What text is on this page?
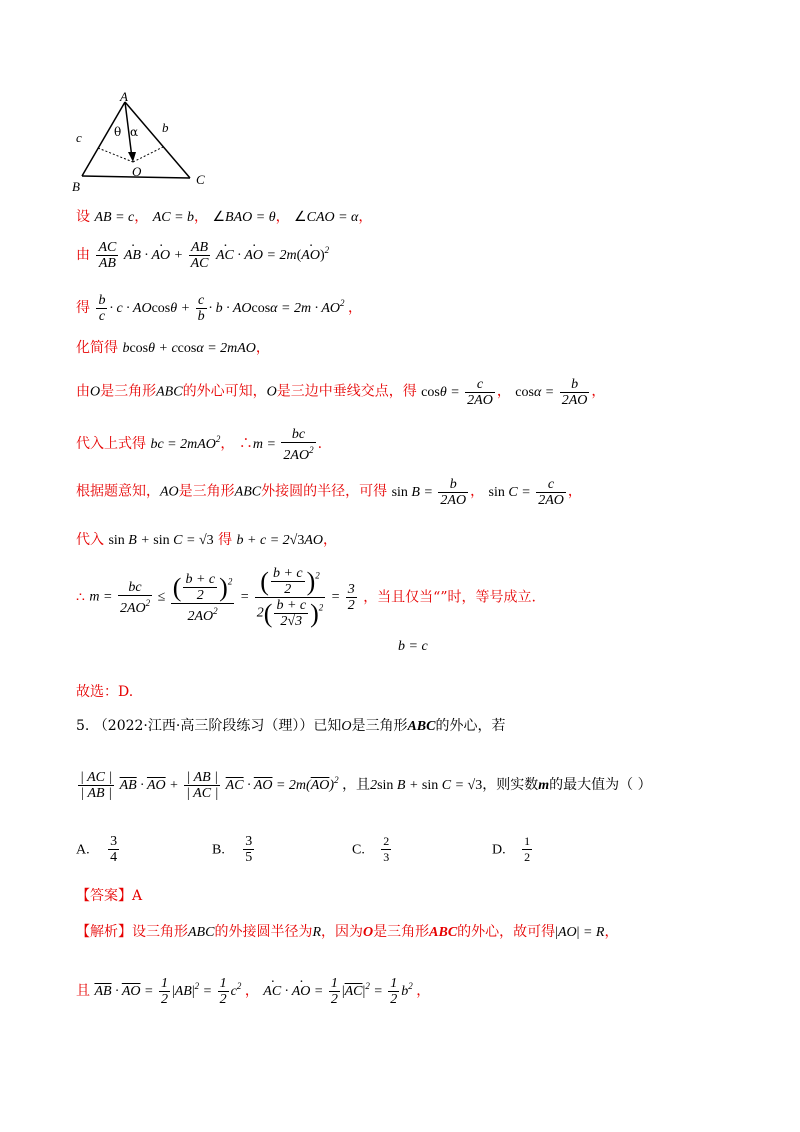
A
B	C
O
c
b
θ α
设 AB = c， AC = b， ∠BAO = θ， ∠CAO = α，
由 $\frac{AC}{AB}$ · AB · · AO + $\frac{AB}{AC}$ · AC · · AO = 2m(· AO)$^2$
得 $\frac{b}{c} \cdot c \cdot AOcos\theta + \frac{c}{b} \cdot b \cdot AOcos\alpha = 2m \cdot AO^2$ ，
化简得 bcosθ + ccosα = 2mAO，
由O是三角形ABC的外心可知，O是三边中垂线交点，得 $\cos\theta = \frac{c}{2AO}$ ， $\cos\alpha = \frac{b}{2AO}$ ，
代入上式得 bc = 2mAO$^2$， ∴m = $\frac{bc}{2AO^2}$ .
根据题意知，AO是三角形ABC外接圆的半径，可得 $\sin B = \frac{b}{2AO}$ ， $\sin C = \frac{c}{2AO}$ ，
代入 sin B + sin C = √3 得 b + c = 2√3AO，
∴ $m = \frac{bc}{2AO^2} \le \frac{( \frac{b + c}{2} )^2}{2AO^2} = \frac{( \frac{b + c}{2} )^2}{2( \frac{b + c}{2√3} )^2} = \frac{3}{2}$ ，当且仅当“”时，等号成立.
b = c
故选：D.
5. （2022·江西·高三阶段练习（理））已知O是三角形ABC的外心，若
$\frac{| AC |}{| AB |} \overline{AB} \cdot \overline{AO} + \frac{| AB |}{| AC |} \overline{AC} \cdot \overline{AO} = 2m(\overline{AO})^2$ ，且2sin B + sin C = √3，则实数m的最大值为（ ）
A. $\frac{3}{4}$	B. $\frac{3}{5}$	C. $\frac{2}{3}$	D. $\frac{1}{2}$
【答案】A
【解析】设三角形ABC的外接圆半径为R，因为O是三角形ABC的外心，故可得|AO| = R，
且 $\overline{AB} \cdot \overline{AO} = \frac{1}{2} |AB|^2 = \frac{1}{2} c^2$ ， · AC · · AO = $\frac{1}{2} |\overline{AC}|^2 = \frac{1}{2} b^2$ ，
